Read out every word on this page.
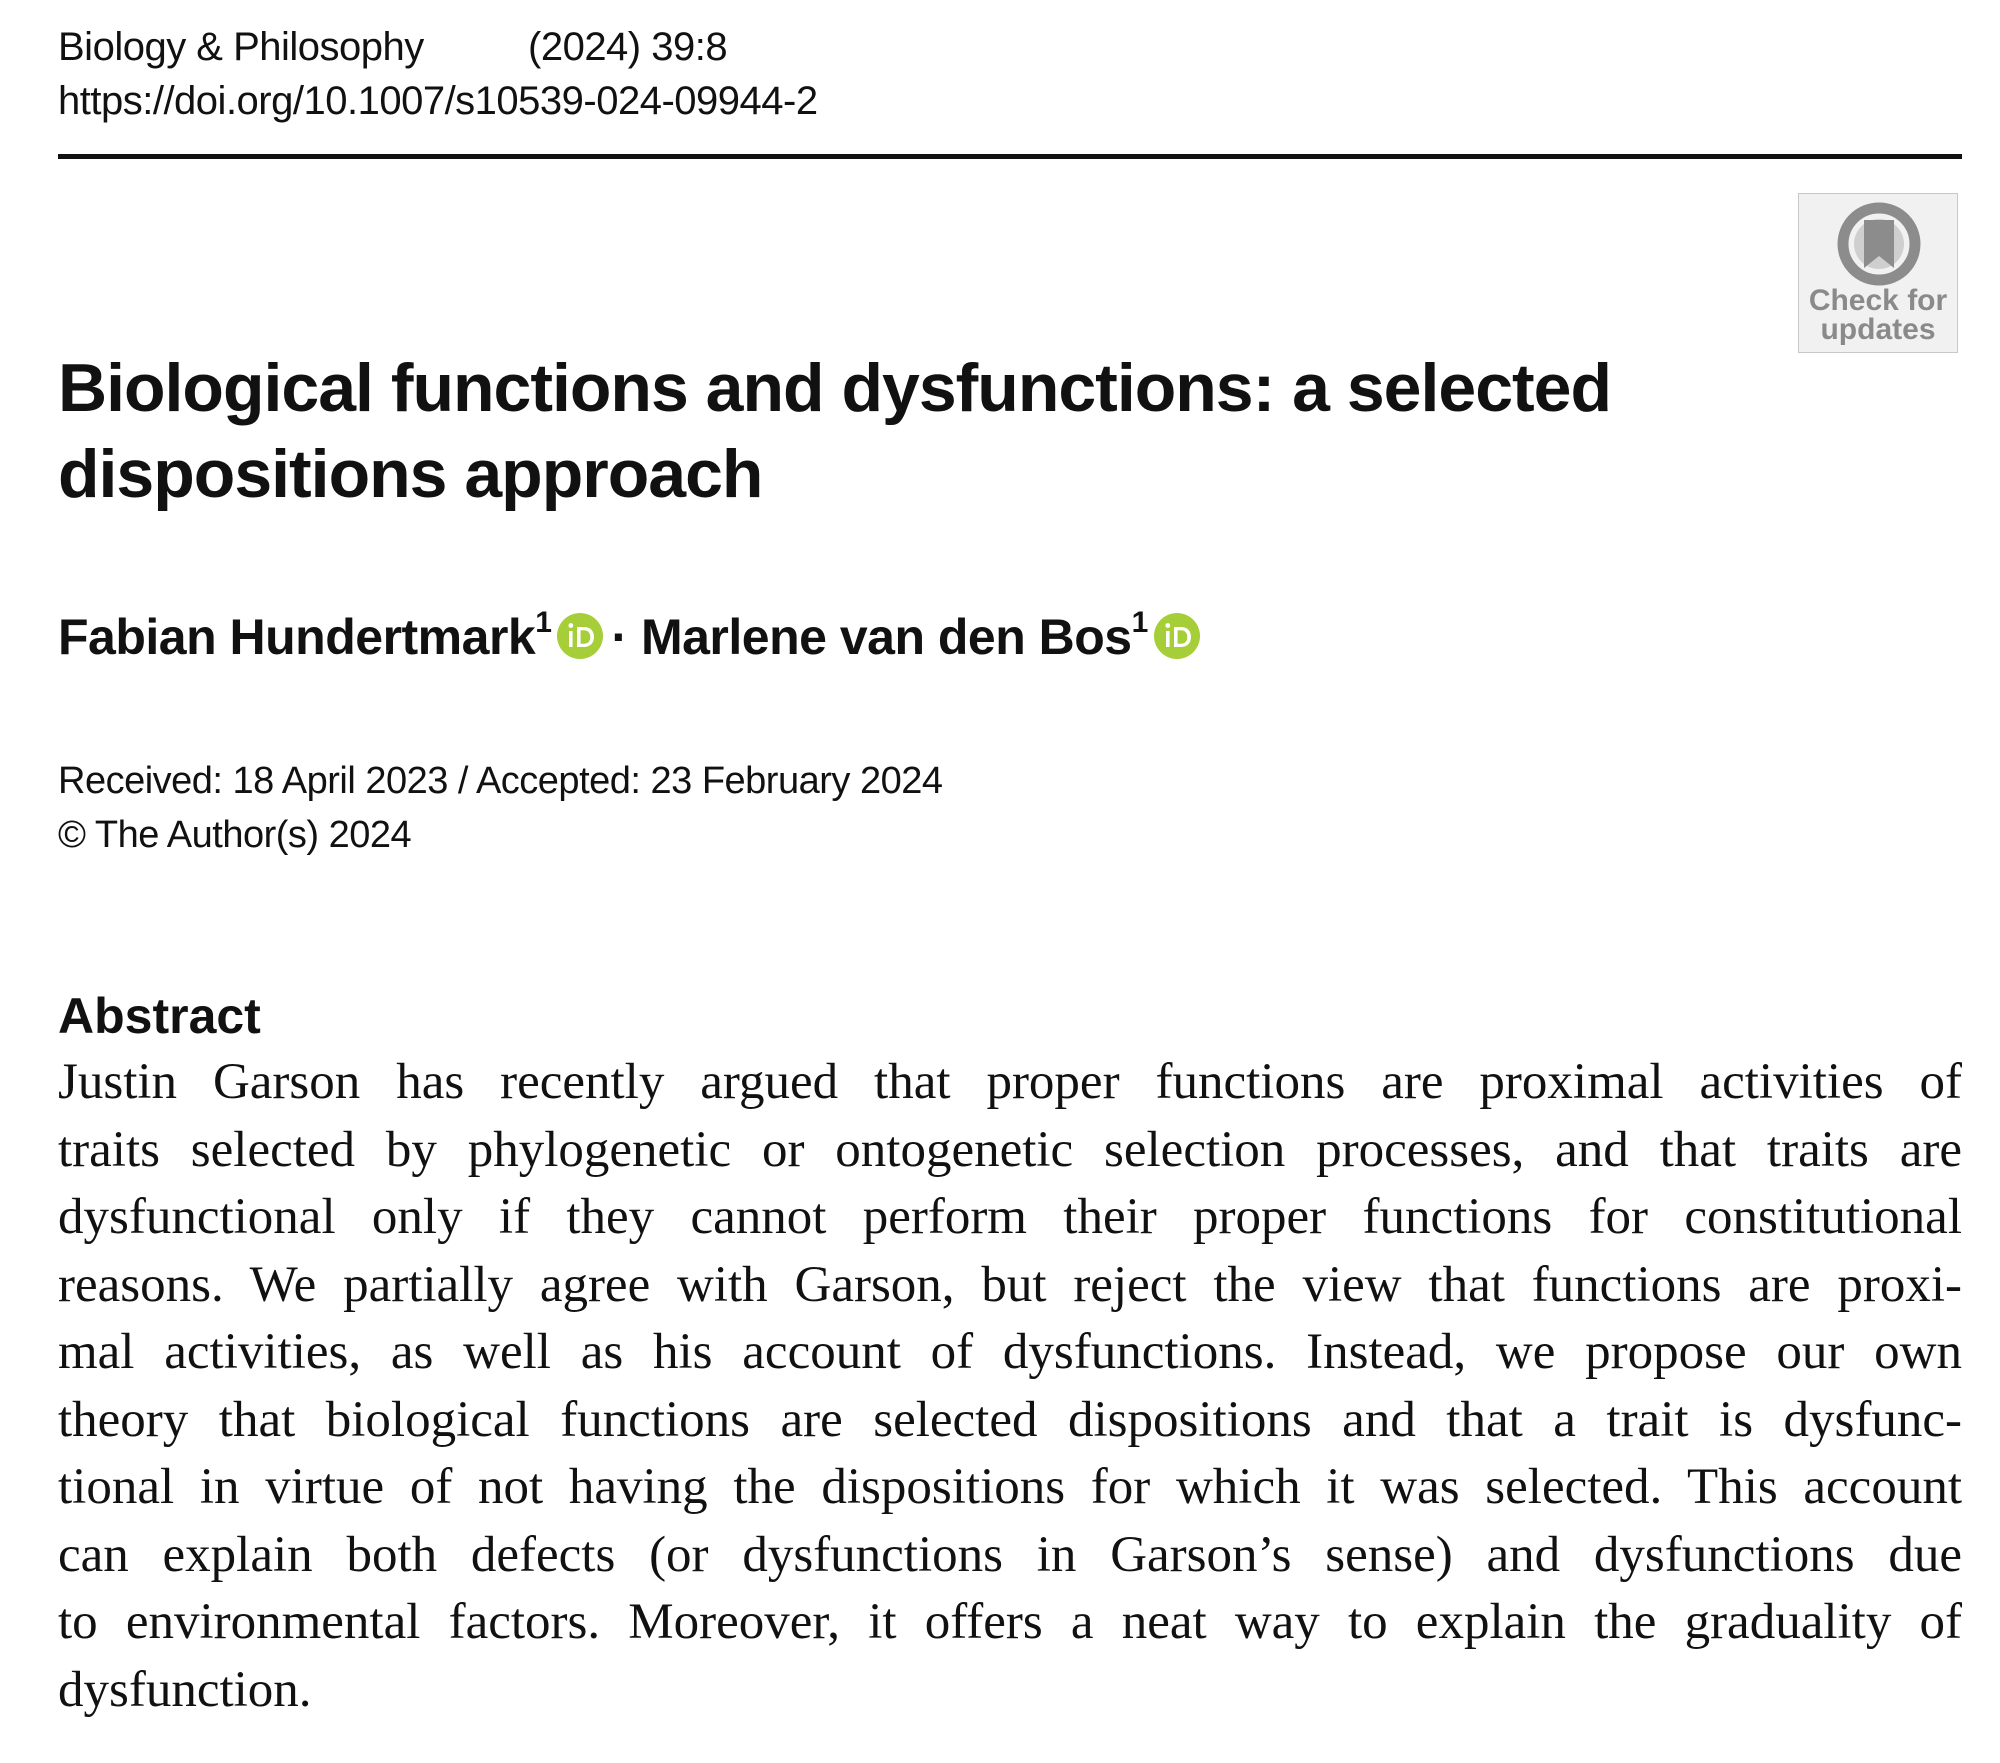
Biology & Philosophy	(2024) 39:8
https://doi.org/10.1007/s10539-024-09944-2
Check for
updates
Biological functions and dysfunctions: a selected
dispositions approach
Fabian Hundertmark$^1$ · Marlene van den Bos$^1$
Received: 18 April 2023 / Accepted: 23 February 2024
© The Author(s) 2024
Abstract
Justin Garson has recently argued that proper functions are proximal activities of
traits selected by phylogenetic or ontogenetic selection processes, and that traits are
dysfunctional only if they cannot perform their proper functions for constitutional
reasons. We partially agree with Garson, but reject the view that functions are proxi-
mal activities, as well as his account of dysfunctions. Instead, we propose our own
theory that biological functions are selected dispositions and that a trait is dysfunc-
tional in virtue of not having the dispositions for which it was selected. This account
can explain both defects (or dysfunctions in Garson’s sense) and dysfunctions due
to environmental factors. Moreover, it offers a neat way to explain the graduality of
dysfunction.
